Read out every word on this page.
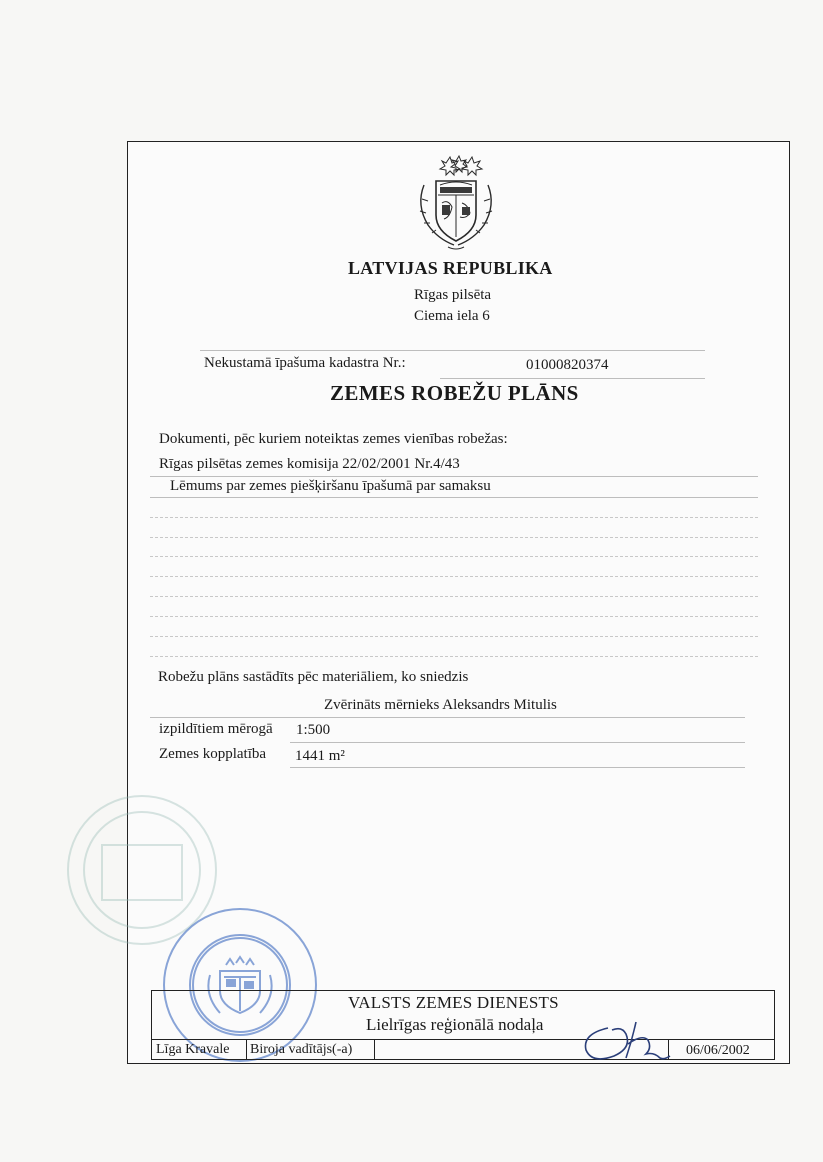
LATVIJAS REPUBLIKA
Rīgas pilsēta
Ciema iela 6
Nekustamā īpašuma kadastra Nr.:	01000820374
ZEMES ROBEŽU PLĀNS
Dokumenti, pēc kuriem noteiktas zemes vienības robežas:
Rīgas pilsētas zemes komisija 22/02/2001 Nr.4/43
Lēmums par zemes piešķiršanu īpašumā par samaksu
Robežu plāns sastādīts pēc materiāliem, ko sniedzis
Zvērināts mērnieks Aleksandrs Mitulis
izpildītiem mērogā 1:500
Zemes kopplatība 1441 m²
VALSTS ZEMES DIENESTS
Lielrīgas reģionālā nodaļa
Līga Kravale Biroja vadītājs(-a)	06/06/2002
